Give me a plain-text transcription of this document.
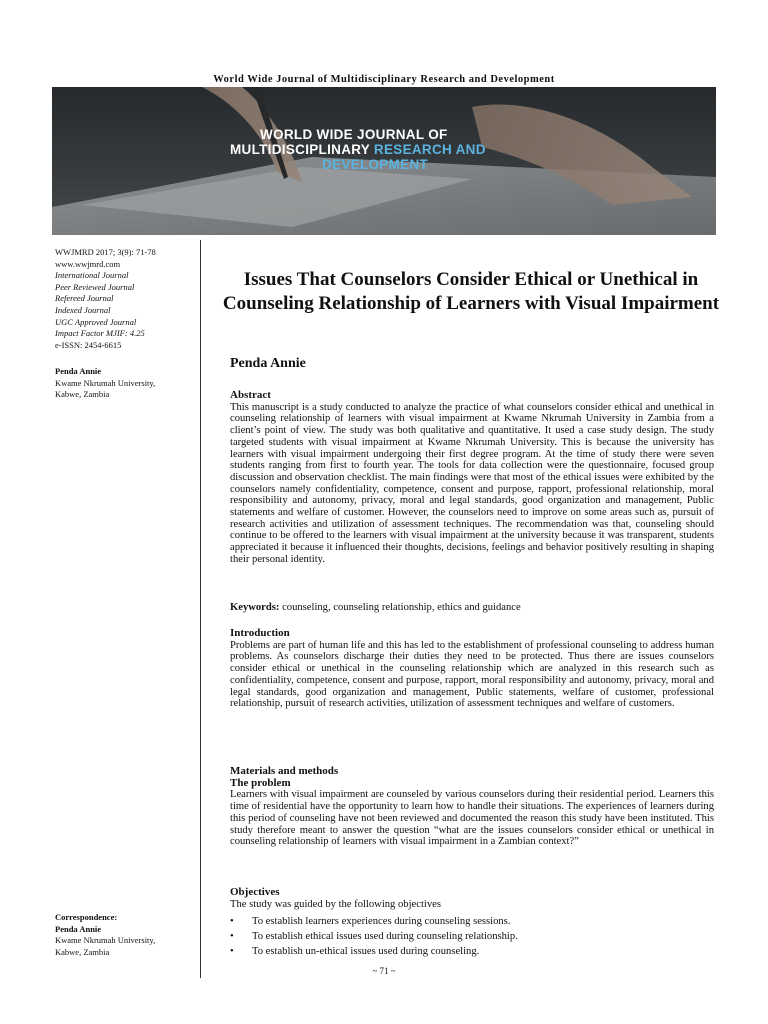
World Wide Journal of Multidisciplinary Research and Development
WORLD WIDE JOURNAL OF
MULTIDISCIPLINARY RESEARCH AND
DEVELOPMENT
WWJMRD 2017; 3(9): 71-78
www.wwjmrd.com
International Journal
Peer Reviewed Journal
Refereed Journal
Indexed Journal
UGC Approved Journal
Impact Factor MJIF: 4.25
e-ISSN: 2454-6615
Penda Annie
Kwame Nkrumah University,
Kabwe, Zambia
Correspondence:
Penda Annie
Kwame Nkrumah University,
Kabwe, Zambia
Issues That Counselors Consider Ethical or Unethical in Counseling Relationship of Learners with Visual Impairment
Penda Annie
Abstract
This manuscript is a study conducted to analyze the practice of what counselors consider ethical and unethical in counseling relationship of learners with visual impairment at Kwame Nkrumah University in Zambia from a client’s point of view. The study was both qualitative and quantitative. It used a case study design. The study targeted students with visual impairment at Kwame Nkrumah University. This is because the university has learners with visual impairment undergoing their first degree program. At the time of study there were seven students ranging from first to fourth year. The tools for data collection were the questionnaire, focused group discussion and observation checklist. The main findings were that most of the ethical issues were exhibited by the counselors namely confidentiality, competence, consent and purpose, rapport, professional relationship, moral responsibility and autonomy, privacy, moral and legal standards, good organization and management, Public statements and welfare of customer. However, the counselors need to improve on some areas such as, pursuit of research activities and utilization of assessment techniques. The recommendation was that, counseling should continue to be offered to the learners with visual impairment at the university because it was transparent, students appreciated it because it influenced their thoughts, decisions, feelings and behavior positively resulting in shaping their personal identity.
Keywords: counseling, counseling relationship, ethics and guidance
Introduction
Problems are part of human life and this has led to the establishment of professional counseling to address human problems. As counselors discharge their duties they need to be protected. Thus there are issues counselors consider ethical or unethical in the counseling relationship which are analyzed in this research such as confidentiality, competence, consent and purpose, rapport, moral responsibility and autonomy, privacy, moral and legal standards, good organization and management, Public statements, welfare of customer, professional relationship, pursuit of research activities, utilization of assessment techniques and welfare of customers.
Materials and methods
The problem
Learners with visual impairment are counseled by various counselors during their residential period. Learners this time of residential have the opportunity to learn how to handle their situations. The experiences of learners during this period of counseling have not been reviewed and documented the reason this study have been instituted. This study therefore meant to answer the question “what are the issues counselors consider ethical or unethical in counseling relationship of learners with visual impairment in a Zambian context?”
Objectives
The study was guided by the following objectives
• To establish learners experiences during counseling sessions.
• To establish ethical issues used during counseling relationship.
• To establish un-ethical issues used during counseling.
~ 71 ~
